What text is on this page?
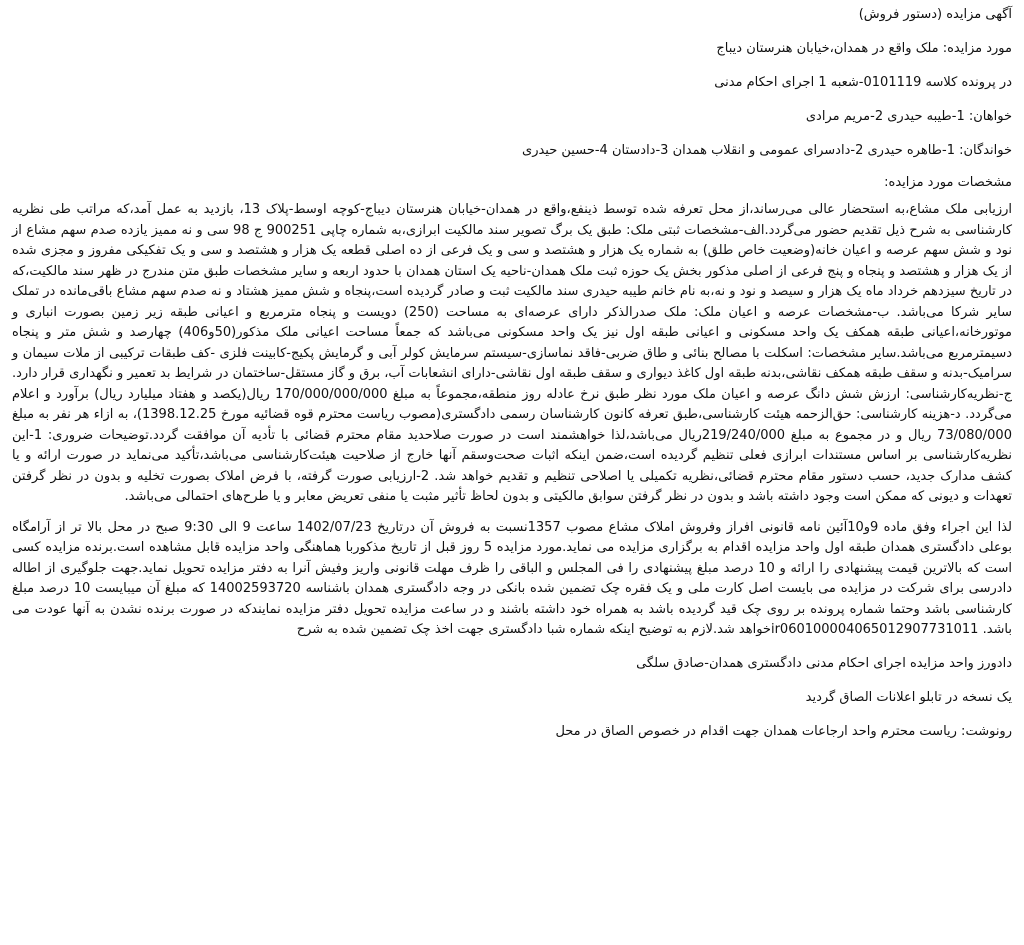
آگهی مزایده (دستور فروش)

مورد مزایده: ملک واقع در همدان،خیابان هنرستان دیباج

در پرونده کلاسه 0101119-شعبه 1 اجرای احکام مدنی

خواهان: 1-طیبه حیدری 2-مریم مرادی

خواندگان: 1-طاهره حیدری 2-دادسرای عمومی و انقلاب همدان 3-دادستان 4-حسین حیدری

مشخصات مورد مزایده:

ارزیابی ملک مشاع،به استحضار عالی می‌رساند،از محل تعرفه شده توسط ذینفع،واقع در همدان-خیابان هنرستان دیباج-کوچه اوسط-پلاک 13، بازدید به عمل آمد،که مراتب طی نظریه کارشناسی به شرح ذیل تقدیم حضور می‌گردد.الف-مشخصات ثبتی ملک: طبق یک برگ تصویر سند مالکیت ابرازی،به شماره چاپی 900251 ج 98 سی و نه ممیز یازده صدم سهم مشاع از نود و شش سهم عرصه و اعیان خانه(وضعیت خاص طلق) به شماره یک هزار و هشتصد و سی و یک فرعی از ده اصلی قطعه یک هزار و هشتصد و سی و یک تفکیکی مفروز و مجزی شده از یک هزار و هشتصد و پنجاه و پنج فرعی از اصلی مذکور بخش یک حوزه ثبت ملک همدان-ناحیه یک استان همدان با حدود اربعه و سایر مشخصات طبق متن مندرج در ظهر سند مالکیت،که در تاریخ سیزدهم خرداد ماه یک هزار و سیصد و نود و نه،به نام خانم طیبه حیدری سند مالکیت ثبت و صادر گردیده است،پنجاه و شش ممیز هشتاد و نه صدم سهم مشاع باقی‌مانده در تملک سایر شرکا می‌باشد. ب-مشخصات عرصه و اعیان ملک: ملک صدرالذکر دارای عرصه‌ای به مساحت (250) دویست و پنجاه مترمربع و اعیانی طبقه زیر زمین بصورت انباری و موتورخانه،اعیانی طبقه همکف یک واحد مسکونی و اعیانی طبقه اول نیز یک واحد مسکونی می‌باشد که جمعاً مساحت اعیانی ملک مذکور(50و406) چهارصد و شش متر و پنجاه دسیمترمربع می‌باشد.سایر مشخصات: اسکلت با مصالح بنائی و طاق ضربی-فاقد نماسازی-سیستم سرمایش کولر آبی و گرمایش پکیج-کابینت فلزی -کف طبقات ترکیبی از ملات سیمان و سرامیک-بدنه و سقف طبقه همکف نقاشی،بدنه طبقه اول کاغذ دیواری و سقف طبقه اول نقاشی-دارای انشعابات آب، برق و گاز مستقل-ساختمان در شرایط بد تعمیر و نگهداری قرار دارد. ج-نظریه‌کارشناسی: ارزش شش دانگ عرصه و اعیان ملک مورد نظر طبق نرخ عادله روز منطقه،مجموعاً به مبلغ 170/000/000/000 ریال(یکصد و هفتاد میلیارد ریال) برآورد و اعلام می‌گردد. د-هزینه کارشناسی: حق‌الزحمه هیئت کارشناسی،طبق تعرفه کانون کارشناسان رسمی دادگستری(مصوب ریاست محترم قوه قضائیه مورخ 1398.12.25)، به ازاء هر نفر به مبلغ 73/080/000 ریال و در مجموع به مبلغ 219/240/000ریال می‌باشد،لذا خواهشمند است در صورت صلاحدید مقام محترم قضائی با تأدیه آن موافقت گردد.توضیحات ضروری: 1-این نظریه‌کارشناسی بر اساس مستندات ابرازی فعلی تنظیم گردیده است،ضمن اینکه اثبات صحت‌وسقم آنها خارج از صلاحیت هیئت‌کارشناسی می‌باشد،تأکید می‌نماید در صورت ارائه و یا کشف مدارک جدید، حسب دستور مقام محترم قضائی،نظریه تکمیلی یا اصلاحی تنظیم و تقدیم خواهد شد. 2-ارزیابی صورت گرفته، با فرض املاک بصورت تخلیه و بدون در نظر گرفتن تعهدات و دیونی که ممکن است وجود داشته باشد و بدون در نظر گرفتن سوابق مالکیتی و بدون لحاظ تأثیر مثبت یا منفی تعریض معابر و یا طرح‌های احتمالی می‌باشد.

لذا این اجراء وفق ماده 9و10آئین نامه قانونی افراز وفروش املاک مشاع مصوب 1357نسبت به فروش آن درتاریخ 1402/07/23 ساعت 9 الی 9:30 صبح در محل بالا تر از آرامگاه بوعلی دادگستری همدان طبقه اول واحد مزایده اقدام به برگزاری مزایده می نماید.مورد مزایده 5 روز قبل از تاریخ مذکوربا هماهنگی واحد مزایده قابل مشاهده است.برنده مزایده کسی است که بالاترین قیمت پیشنهادی را ارائه و 10 درصد مبلغ پیشنهادی را فی المجلس و الباقی را ظرف مهلت قانونی واریز وفیش آنرا به دفتر مزایده تحویل نماید.جهت جلوگیری از اطاله دادرسی برای شرکت در مزایده می بایست اصل کارت ملی و یک فقره چک تضمین شده بانکی در وجه دادگستری همدان باشناسه 14002593720 که مبلغ آن میبایست 10 درصد مبلغ کارشناسی باشد وحتما شماره پرونده بر روی چک قید گردیده باشد به همراه خود داشته باشند و در ساعت مزایده تحویل دفتر مزایده نمایندکه در صورت برنده نشدن به آنها عودت می باشد. ir060100004065012907731011خواهد شد.لازم به توضیح اینکه شماره شبا دادگستری جهت اخذ چک تضمین شده به شرح

دادورز واحد مزایده اجرای احکام مدنی دادگستری همدان-صادق سلگی

یک نسخه در تابلو اعلانات الصاق گردید

رونوشت: ریاست محترم واحد ارجاعات همدان جهت اقدام در خصوص الصاق در محل
